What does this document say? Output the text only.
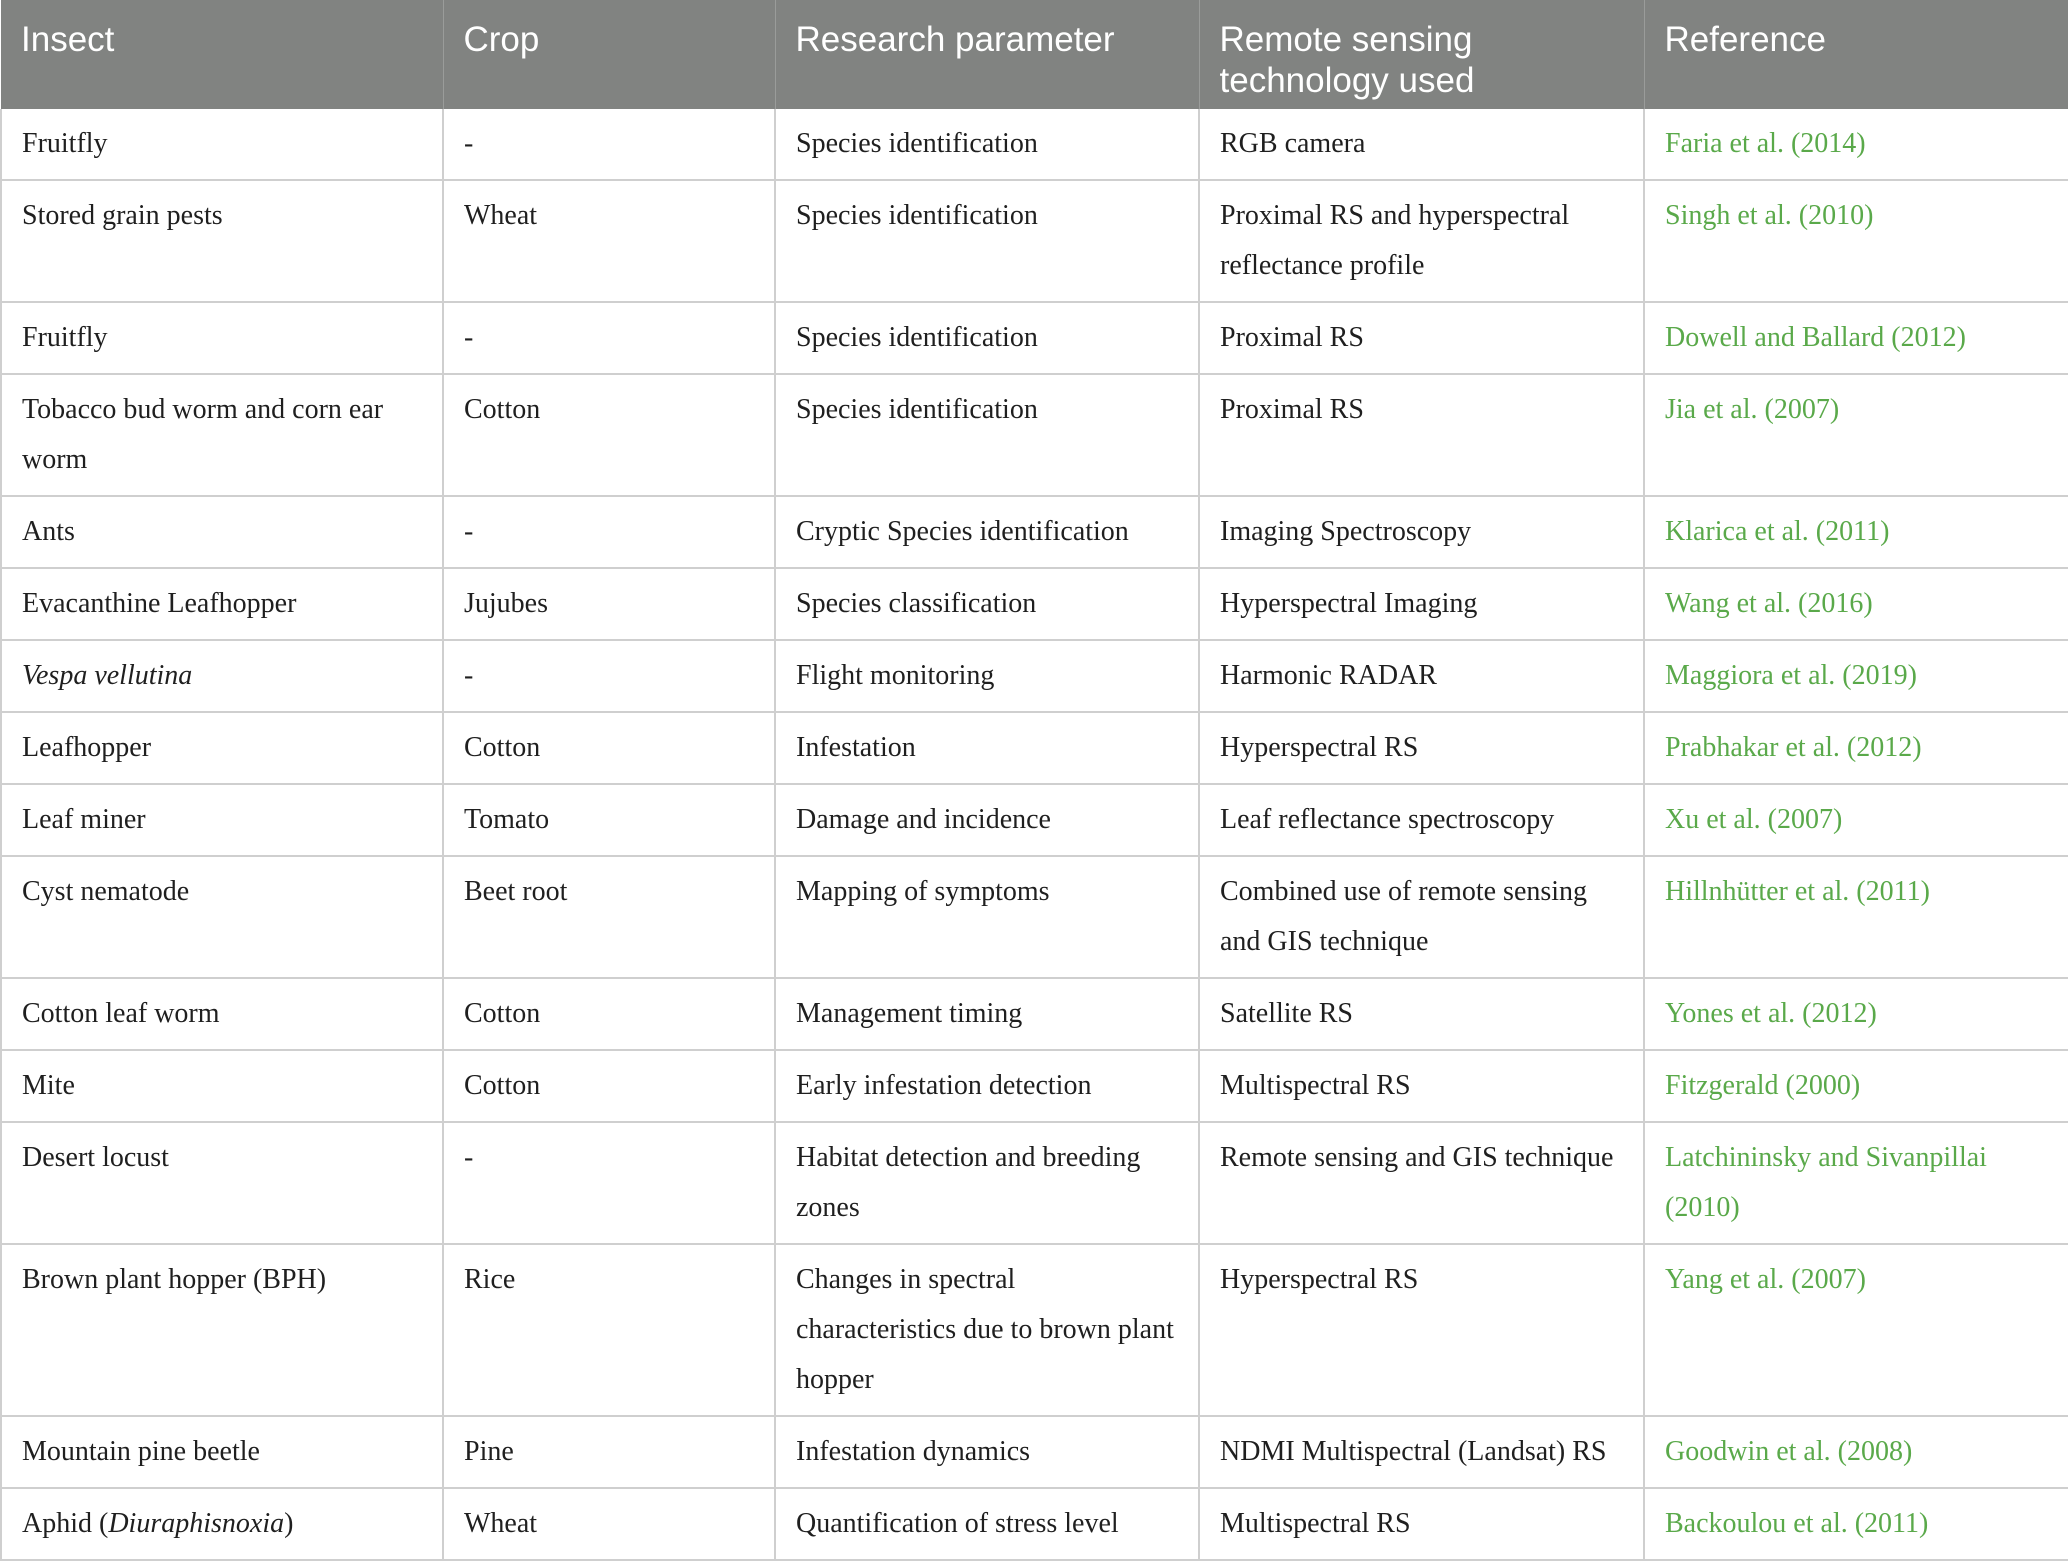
Insect	Crop	Research parameter	Remote sensing technology used	Reference
Fruitfly	-	Species identification	RGB camera	Faria et al. (2014)
Stored grain pests	Wheat	Species identification	Proximal RS and hyperspectral reflectance profile	Singh et al. (2010)
Fruitfly	-	Species identification	Proximal RS	Dowell and Ballard (2012)
Tobacco bud worm and corn ear worm	Cotton	Species identification	Proximal RS	Jia et al. (2007)
Ants	-	Cryptic Species identification	Imaging Spectroscopy	Klarica et al. (2011)
Evacanthine Leafhopper	Jujubes	Species classification	Hyperspectral Imaging	Wang et al. (2016)
Vespa vellutina	-	Flight monitoring	Harmonic RADAR	Maggiora et al. (2019)
Leafhopper	Cotton	Infestation	Hyperspectral RS	Prabhakar et al. (2012)
Leaf miner	Tomato	Damage and incidence	Leaf reflectance spectroscopy	Xu et al. (2007)
Cyst nematode	Beet root	Mapping of symptoms	Combined use of remote sensing and GIS technique	Hillnhütter et al. (2011)
Cotton leaf worm	Cotton	Management timing	Satellite RS	Yones et al. (2012)
Mite	Cotton	Early infestation detection	Multispectral RS	Fitzgerald (2000)
Desert locust	-	Habitat detection and breeding zones	Remote sensing and GIS technique	Latchininsky and Sivanpillai (2010)
Brown plant hopper (BPH)	Rice	Changes in spectral characteristics due to brown plant hopper	Hyperspectral RS	Yang et al. (2007)
Mountain pine beetle	Pine	Infestation dynamics	NDMI Multispectral (Landsat) RS	Goodwin et al. (2008)
Aphid (Diuraphisnoxia)	Wheat	Quantification of stress level	Multispectral RS	Backoulou et al. (2011)
